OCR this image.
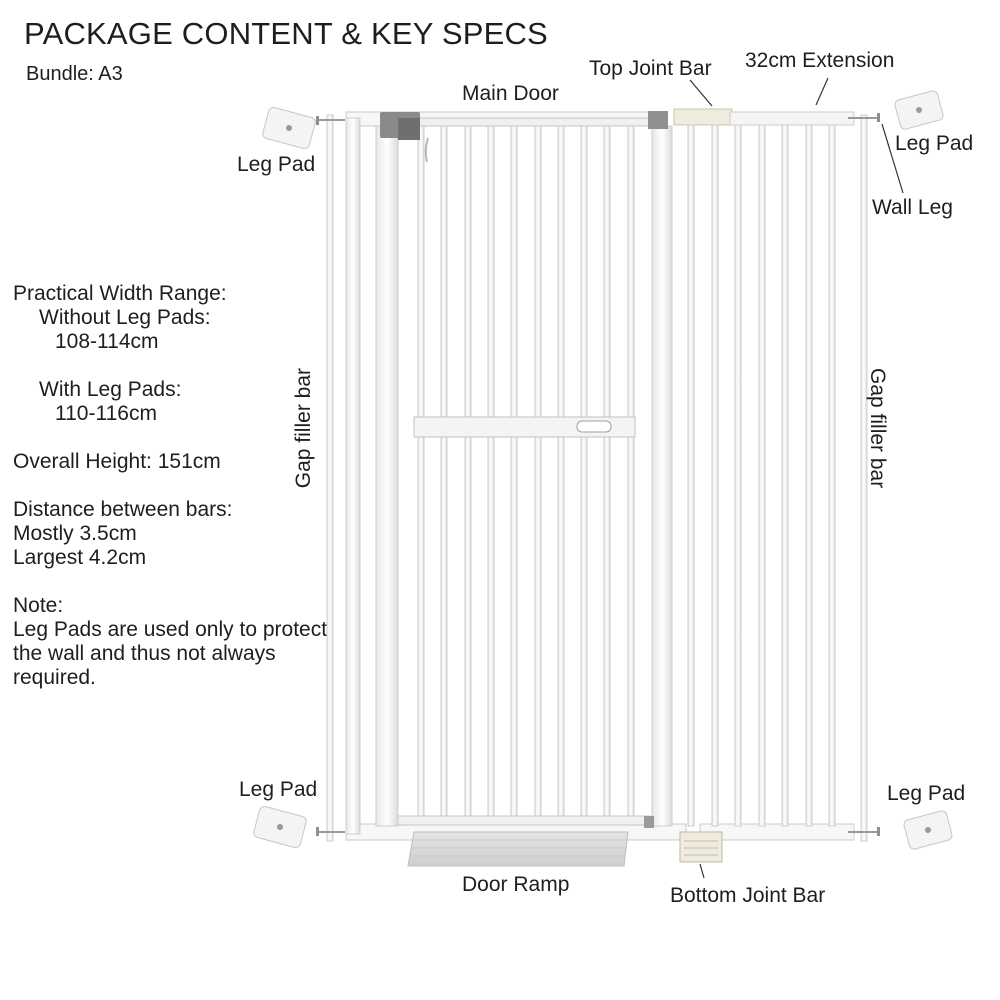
PACKAGE CONTENT & KEY SPECS
Bundle: A3
Practical Width Range:
Without Leg Pads:
108-114cm
With Leg Pads:
110-116cm
Overall Height: 151cm
Distance between bars:
Mostly 3.5cm
Largest 4.2cm
Note:
Leg Pads are used only to protect the wall and thus not always required.
Main Door
Top Joint Bar 32cm Extension
Leg Pad
Leg Pad
Wall Leg
Gap filler bar	Gap filler bar
Leg Pad	Leg Pad
Door Ramp	Bottom Joint Bar
